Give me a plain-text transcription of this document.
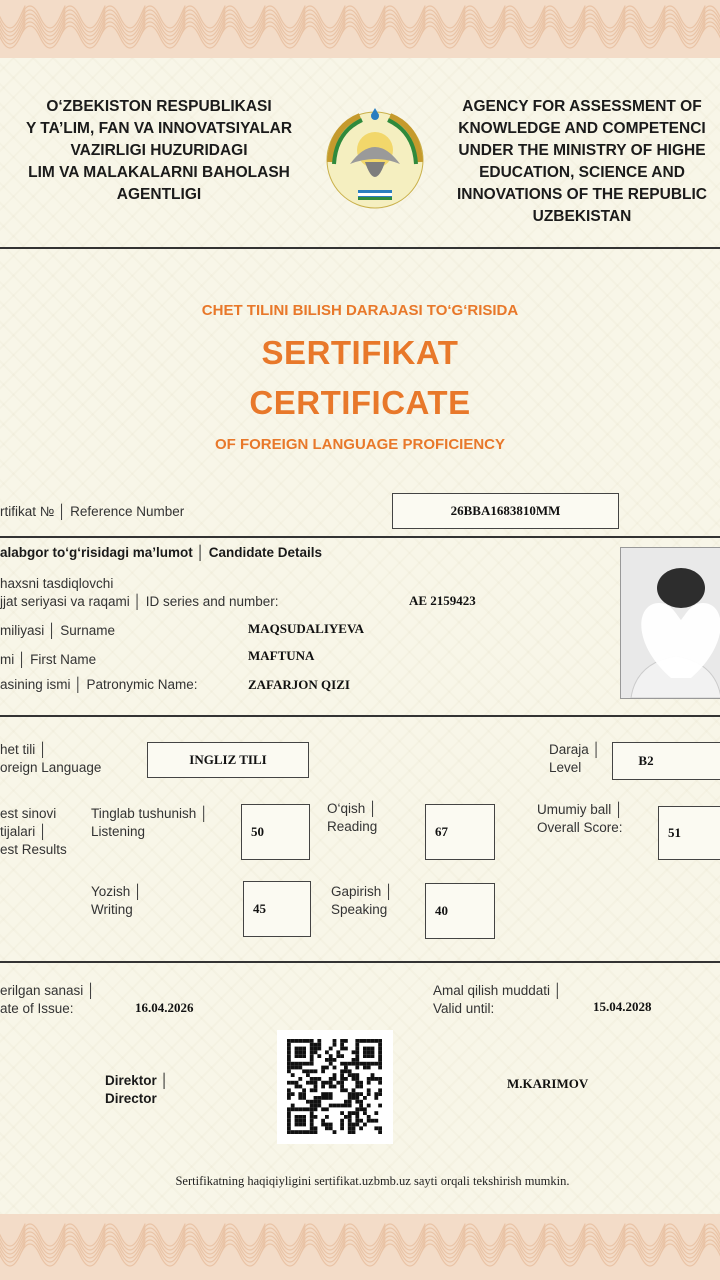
O‘ZBEKISTON RESPUBLIKASI
Y TA’LIM, FAN VA INNOVATSIYALAR
VAZIRLIGI HUZURIDAGI
LIM VA MALAKALARNI BAHOLASH
AGENTLIGI
AGENCY FOR ASSESSMENT OF
KNOWLEDGE AND COMPETENCI
UNDER THE MINISTRY OF HIGHE
EDUCATION, SCIENCE AND
INNOVATIONS OF THE REPUBLIC
UZBEKISTAN
CHET TILINI BILISH DARAJASI TO‘G‘RISIDA
SERTIFIKAT
CERTIFICATE
OF FOREIGN LANGUAGE PROFICIENCY
rtifikat № │ Reference Number	26BBA1683810MM
alabgor to‘g‘risidagi ma’lumot │ Candidate Details
haxsni tasdiqlovchi
jjat seriyasi va raqami │ ID series and number:	AE 2159423
miliyasi │ Surname	MAQSUDALIYEVA
mi │ First Name	MAFTUNA
asining ismi │ Patronymic Name:	ZAFARJON QIZI
het tili │
oreign Language
INGLIZ TILI
Daraja │
Level	B2
est sinovi
tijalari │
est Results
Tinglab tushunish │
Listening	50
O‘qish │
Reading	67
Umumiy ball │
Overall Score:	51
Yozish │
Writing	45
Gapirish │
Speaking	40
erilgan sanasi │
ate of Issue:	16.04.2026
Amal qilish muddati │
Valid until:	15.04.2028
Direktor │
Director
M.KARIMOV
Sertifikatning haqiqiyligini sertifikat.uzbmb.uz sayti orqali tekshirish mumkin.
